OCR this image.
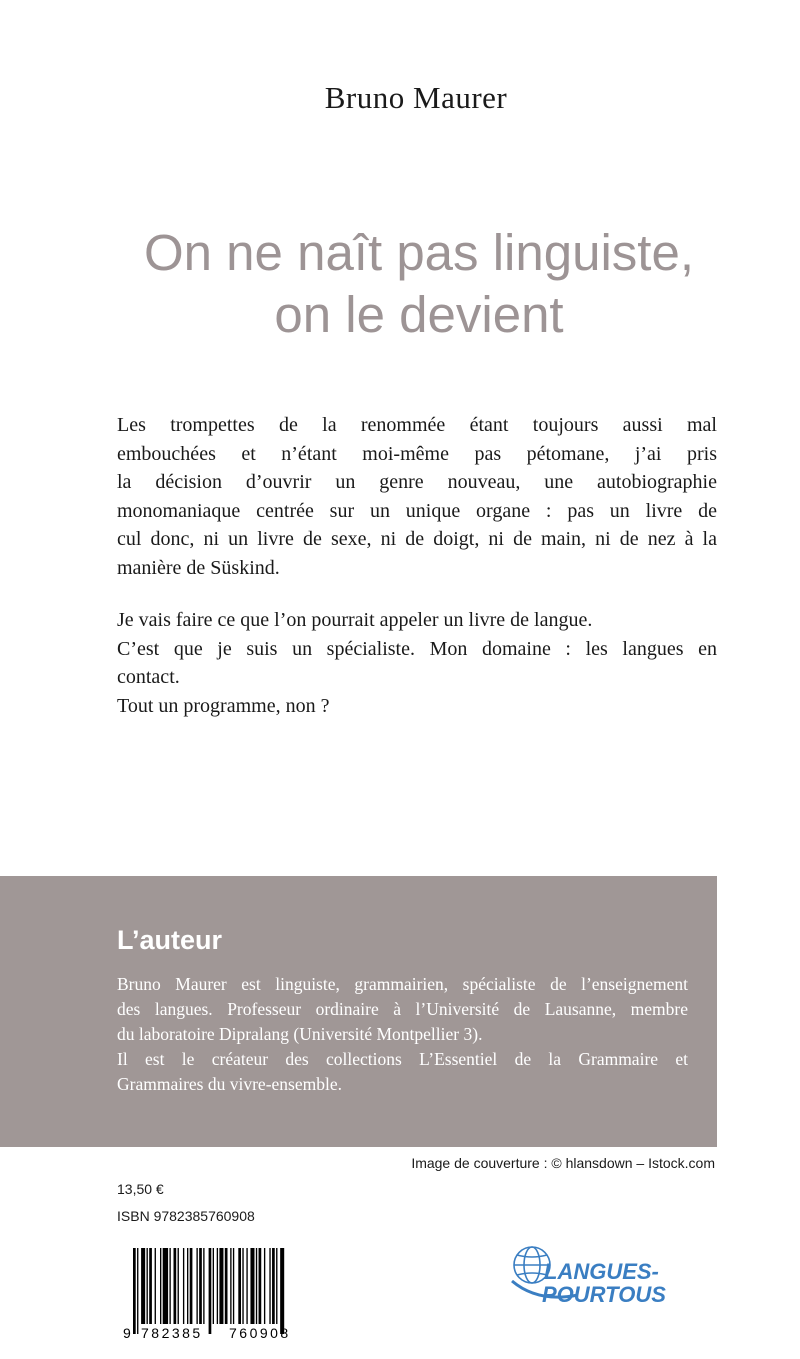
Bruno Maurer
On ne naît pas linguiste,
on le devient

Les trompettes de la renommée étant toujours aussi mal
embouchées et n’étant moi-même pas pétomane, j’ai pris
la décision d’ouvrir un genre nouveau, une autobiographie
monomaniaque centrée sur un unique organe : pas un livre de
cul donc, ni un livre de sexe, ni de doigt, ni de main, ni de nez à la
manière de Süskind.

Je vais faire ce que l’on pourrait appeler un livre de langue.
C’est que je suis un spécialiste. Mon domaine : les langues en
contact.
Tout un programme, non ?

L’auteur
Bruno Maurer est linguiste, grammairien, spécialiste de l’enseignement
des langues. Professeur ordinaire à l’Université de Lausanne, membre
du laboratoire Dipralang (Université Montpellier 3).
Il est le créateur des collections L’Essentiel de la Grammaire et
Grammaires du vivre-ensemble.
Image de couverture : © hlansdown – Istock.com
13,50 €
ISBN 9782385760908
9 782385 760908
LANGUES-
POURTOUS
